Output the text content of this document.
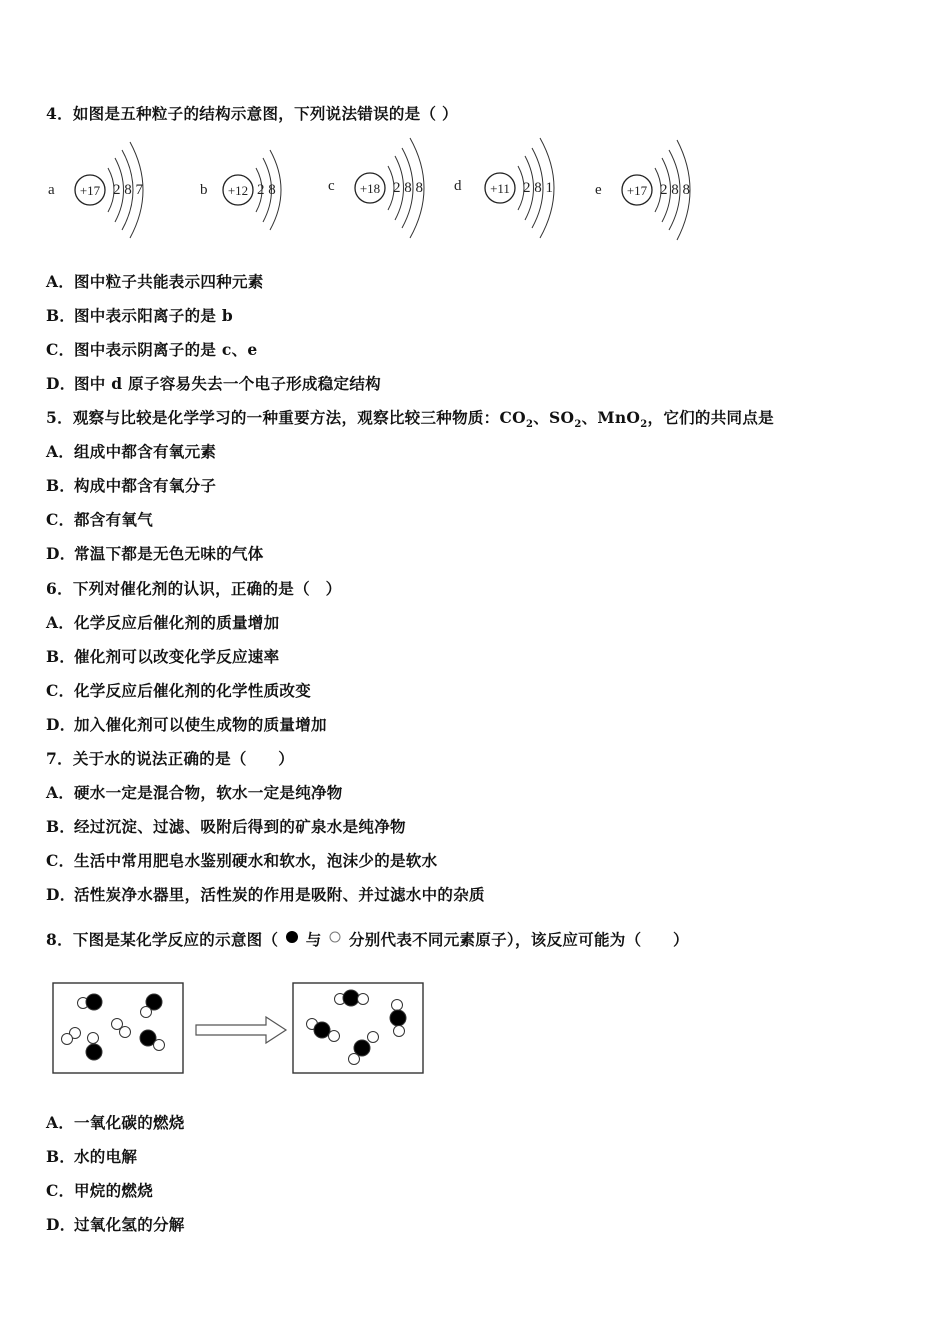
4．如图是五种粒子的结构示意图，下列说法错误的是（ ）
a +17 2 8 7	b +12 2 8	c +18 2 8 8 d +11 2 8 1	e +17 2 8 8
A．图中粒子共能表示四种元素
B．图中表示阳离子的是 b
C．图中表示阴离子的是 c、e
D．图中 d 原子容易失去一个电子形成稳定结构
5．观察与比较是化学学习的一种重要方法，观察比较三种物质：$CO_2$、$SO_2$、MnO$_2$，它们的共同点是
A．组成中都含有氧元素
B．构成中都含有氧分子
C．都含有氧气
D．常温下都是无色无味的气体
6．下列对催化剂的认识，正确的是（　）
A．化学反应后催化剂的质量增加
B．催化剂可以改变化学反应速率
C．化学反应后催化剂的化学性质改变
D．加入催化剂可以使生成物的质量增加
7．关于水的说法正确的是（　　）
A．硬水一定是混合物，软水一定是纯净物
B．经过沉淀、过滤、吸附后得到的矿泉水是纯净物
C．生活中常用肥皂水鉴别硬水和软水，泡沫少的是软水
D．活性炭净水器里，活性炭的作用是吸附、并过滤水中的杂质
8．下图是某化学反应的示意图（ 与 分别代表不同元素原子），该反应可能为（　　）
A．一氧化碳的燃烧
B．水的电解
C．甲烷的燃烧
D．过氧化氢的分解
